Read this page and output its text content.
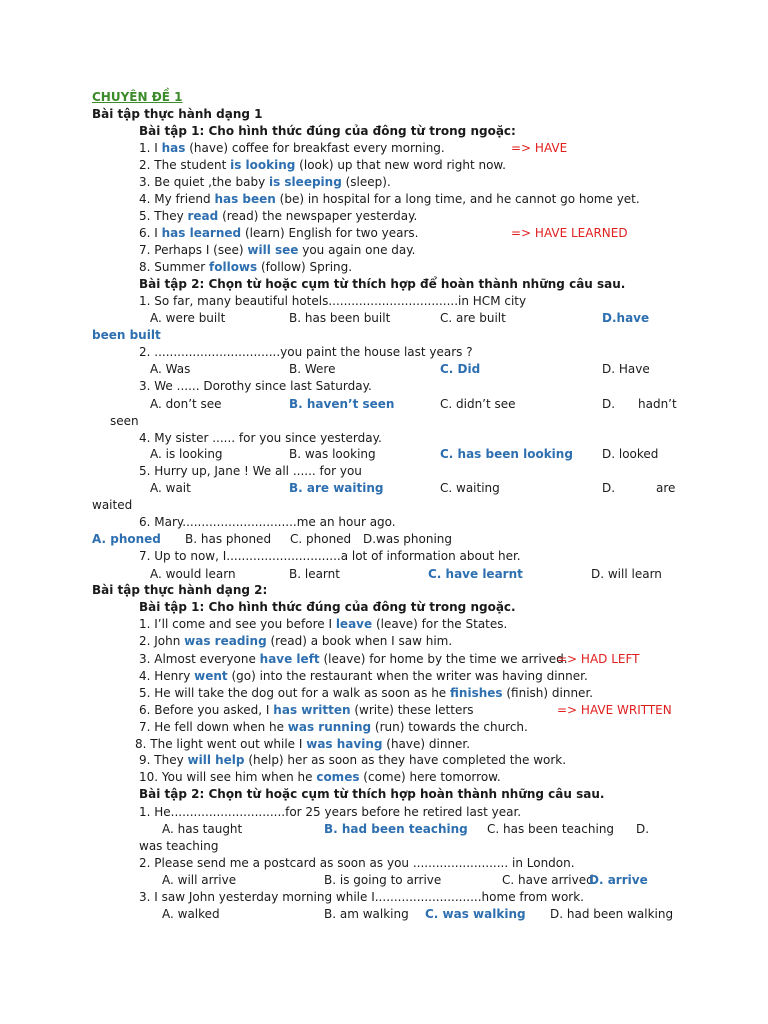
CHUYÊN ĐỀ 1
Bài tập thực hành dạng 1
Bài tập 1: Cho hình thức đúng của đông từ trong ngoặc:
1. I has (have) coffee for breakfast every morning.	=> HAVE
2. The student is looking (look) up that new word right now.
3. Be quiet ,the baby is sleeping (sleep).
4. My friend has been (be) in hospital for a long time, and he cannot go home yet.
5. They read (read) the newspaper yesterday.
6. I has learned (learn) English for two years.	=> HAVE LEARNED
7. Perhaps I (see) will see you again one day.
8. Summer follows (follow) Spring.
Bài tập 2: Chọn từ hoặc cụm từ thích hợp để hoàn thành những câu sau.
1. So far, many beautiful hotels..................................in HCM city
A. were built	B. has been built	C. are built	D.have
been built
2. .................................you paint the house last years ?
A. Was	B. Were	C. Did	D. Have
3. We ...... Dorothy since last Saturday.
A. don’t see	B. haven’t seen	C. didn’t see	D. hadn’t
seen
4. My sister ...... for you since yesterday.
A. is looking	B. was looking	C. has been looking D. looked
5. Hurry up, Jane ! We all ...... for you
A. wait	B. are waiting	C. waiting	D.	are
waited
6. Mary..............................me an hour ago.
A. phoned B. has phoned C. phoned D.was phoning
7. Up to now, I..............................a lot of information about her.
A. would learn	B. learnt	C. have learnt	D. will learn
Bài tập thực hành dạng 2:
Bài tập 1: Cho hình thức đúng của đông từ trong ngoặc.
1. I’ll come and see you before I leave (leave) for the States.
2. John was reading (read) a book when I saw him.
3. Almost everyone have left (leave) for home by the time we arrived.
=> HAD LEFT
4. Henry went (go) into the restaurant when the writer was having dinner.
5. He will take the dog out for a walk as soon as he finishes (finish) dinner.
6. Before you asked, I has written (write) these letters	=> HAVE WRITTEN
7. He fell down when he was running (run) towards the church.
8. The light went out while I was having (have) dinner.
9. They will help (help) her as soon as they have completed the work.
10. You will see him when he comes (come) here tomorrow.
Bài tập 2: Chọn từ hoặc cụm từ thích hợp hoàn thành những câu sau.
1. He..............................for 25 years before he retired last year.
A. has taught	B. had been teaching C. has been teaching D.
was teaching
2. Please send me a postcard as soon as you ......................... in London.
A. will arrive	B. is going to arrive	C. have arrived
D. arrive
3. I saw John yesterday morning while I............................home from work.
A. walked	B. am walking C. was walking D. had been walking
